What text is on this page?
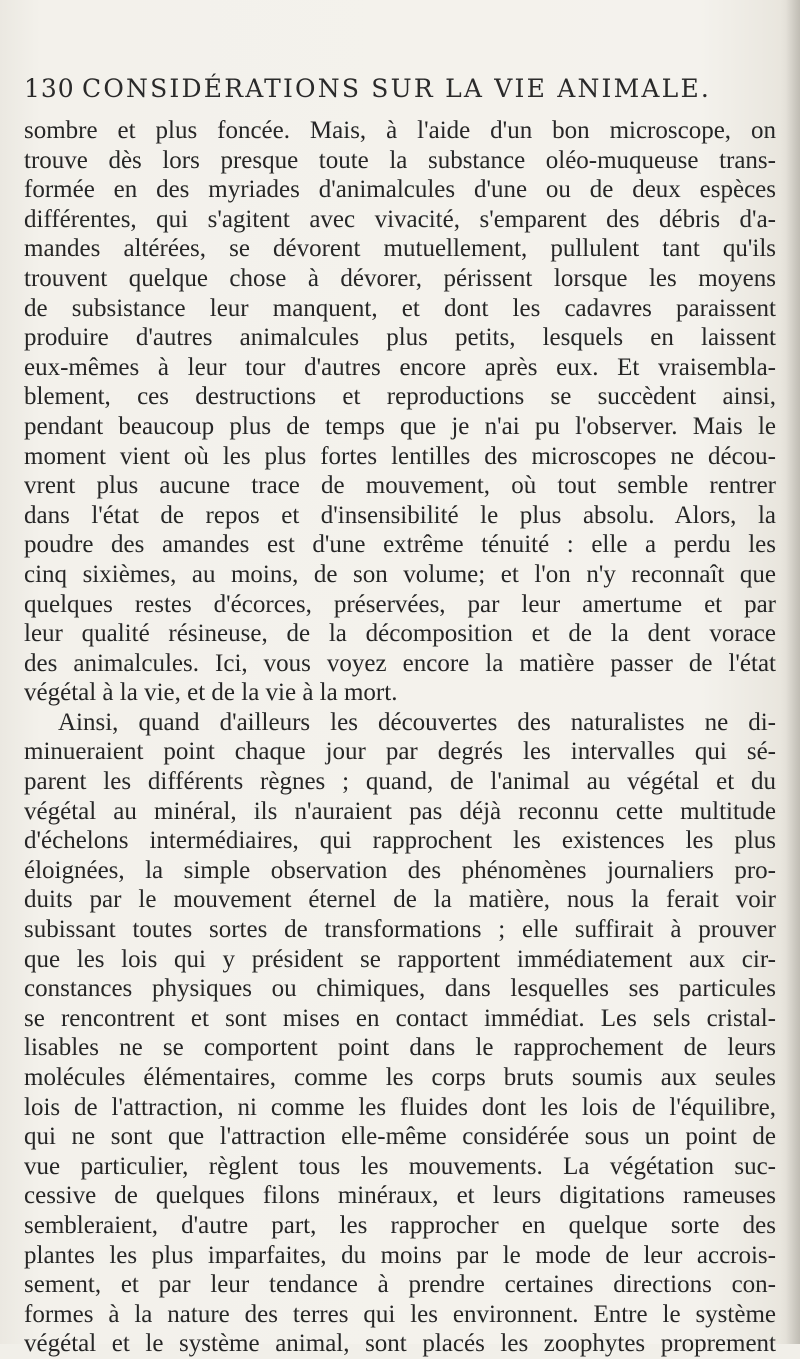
130 CONSIDÉRATIONS SUR LA VIE ANIMALE.
sombre et plus foncée. Mais, à l'aide d'un bon microscope, on
trouve dès lors presque toute la substance oléo-muqueuse trans-
formée en des myriades d'animalcules d'une ou de deux espèces
différentes, qui s'agitent avec vivacité, s'emparent des débris d'a-
mandes altérées, se dévorent mutuellement, pullulent tant qu'ils
trouvent quelque chose à dévorer, périssent lorsque les moyens
de subsistance leur manquent, et dont les cadavres paraissent
produire d'autres animalcules plus petits, lesquels en laissent
eux-mêmes à leur tour d'autres encore après eux. Et vraisembla-
blement, ces destructions et reproductions se succèdent ainsi,
pendant beaucoup plus de temps que je n'ai pu l'observer. Mais le
moment vient où les plus fortes lentilles des microscopes ne décou-
vrent plus aucune trace de mouvement, où tout semble rentrer
dans l'état de repos et d'insensibilité le plus absolu. Alors, la
poudre des amandes est d'une extrême ténuité : elle a perdu les
cinq sixièmes, au moins, de son volume; et l'on n'y reconnaît que
quelques restes d'écorces, préservées, par leur amertume et par
leur qualité résineuse, de la décomposition et de la dent vorace
des animalcules. Ici, vous voyez encore la matière passer de l'état
végétal à la vie, et de la vie à la mort.
Ainsi, quand d'ailleurs les découvertes des naturalistes ne di-
minueraient point chaque jour par degrés les intervalles qui sé-
parent les différents règnes ; quand, de l'animal au végétal et du
végétal au minéral, ils n'auraient pas déjà reconnu cette multitude
d'échelons intermédiaires, qui rapprochent les existences les plus
éloignées, la simple observation des phénomènes journaliers pro-
duits par le mouvement éternel de la matière, nous la ferait voir
subissant toutes sortes de transformations ; elle suffirait à prouver
que les lois qui y président se rapportent immédiatement aux cir-
constances physiques ou chimiques, dans lesquelles ses particules
se rencontrent et sont mises en contact immédiat. Les sels cristal-
lisables ne se comportent point dans le rapprochement de leurs
molécules élémentaires, comme les corps bruts soumis aux seules
lois de l'attraction, ni comme les fluides dont les lois de l'équilibre,
qui ne sont que l'attraction elle-même considérée sous un point de
vue particulier, règlent tous les mouvements. La végétation suc-
cessive de quelques filons minéraux, et leurs digitations rameuses
sembleraient, d'autre part, les rapprocher en quelque sorte des
plantes les plus imparfaites, du moins par le mode de leur accrois-
sement, et par leur tendance à prendre certaines directions con-
formes à la nature des terres qui les environnent. Entre le système
végétal et le système animal, sont placés les zoophytes proprement
